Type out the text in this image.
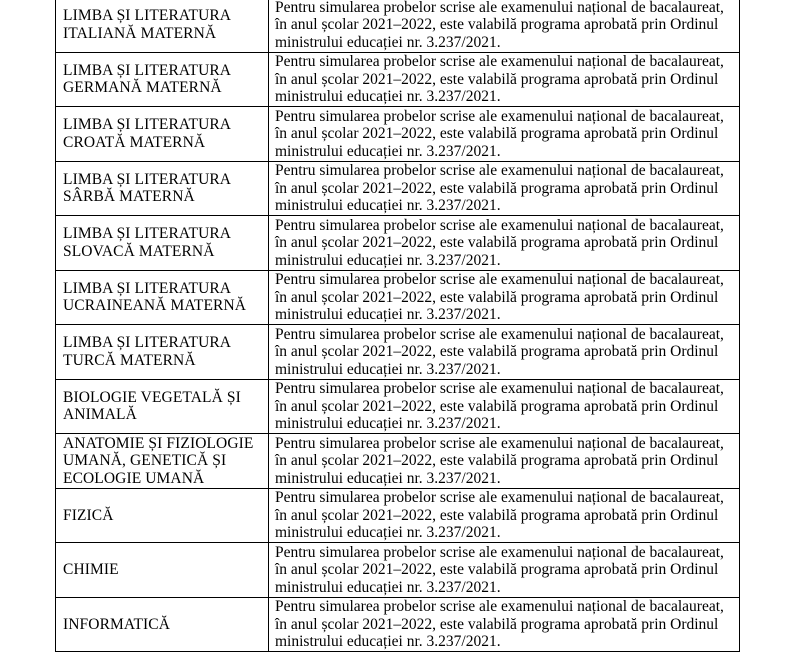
LIMBA ȘI LITERATURA
ITALIANĂ MATERNĂ	Pentru simularea probelor scrise ale examenului național de bacalaureat,
în anul școlar 2021–2022, este valabilă programa aprobată prin Ordinul
ministrului educației nr. 3.237/2021.

LIMBA ȘI LITERATURA
GERMANĂ MATERNĂ	Pentru simularea probelor scrise ale examenului național de bacalaureat,
în anul școlar 2021–2022, este valabilă programa aprobată prin Ordinul
ministrului educației nr. 3.237/2021.

LIMBA ȘI LITERATURA
CROATĂ MATERNĂ	Pentru simularea probelor scrise ale examenului național de bacalaureat,
în anul școlar 2021–2022, este valabilă programa aprobată prin Ordinul
ministrului educației nr. 3.237/2021.

LIMBA ȘI LITERATURA
SÂRBĂ MATERNĂ	Pentru simularea probelor scrise ale examenului național de bacalaureat,
în anul școlar 2021–2022, este valabilă programa aprobată prin Ordinul
ministrului educației nr. 3.237/2021.

LIMBA ȘI LITERATURA
SLOVACĂ MATERNĂ	Pentru simularea probelor scrise ale examenului național de bacalaureat,
în anul școlar 2021–2022, este valabilă programa aprobată prin Ordinul
ministrului educației nr. 3.237/2021.

LIMBA ȘI LITERATURA
UCRAINEANĂ MATERNĂ	Pentru simularea probelor scrise ale examenului național de bacalaureat,
în anul școlar 2021–2022, este valabilă programa aprobată prin Ordinul
ministrului educației nr. 3.237/2021.

LIMBA ȘI LITERATURA
TURCĂ MATERNĂ	Pentru simularea probelor scrise ale examenului național de bacalaureat,
în anul școlar 2021–2022, este valabilă programa aprobată prin Ordinul
ministrului educației nr. 3.237/2021.

BIOLOGIE VEGETALĂ ȘI
ANIMALĂ	Pentru simularea probelor scrise ale examenului național de bacalaureat,
în anul școlar 2021–2022, este valabilă programa aprobată prin Ordinul
ministrului educației nr. 3.237/2021.

ANATOMIE ȘI FIZIOLOGIE
UMANĂ, GENETICĂ ȘI
ECOLOGIE UMANĂ	Pentru simularea probelor scrise ale examenului național de bacalaureat,
în anul școlar 2021–2022, este valabilă programa aprobată prin Ordinul
ministrului educației nr. 3.237/2021.

FIZICĂ	Pentru simularea probelor scrise ale examenului național de bacalaureat,
în anul școlar 2021–2022, este valabilă programa aprobată prin Ordinul
ministrului educației nr. 3.237/2021.

CHIMIE	Pentru simularea probelor scrise ale examenului național de bacalaureat,
în anul școlar 2021–2022, este valabilă programa aprobată prin Ordinul
ministrului educației nr. 3.237/2021.

INFORMATICĂ	Pentru simularea probelor scrise ale examenului național de bacalaureat,
în anul școlar 2021–2022, este valabilă programa aprobată prin Ordinul
ministrului educației nr. 3.237/2021.
